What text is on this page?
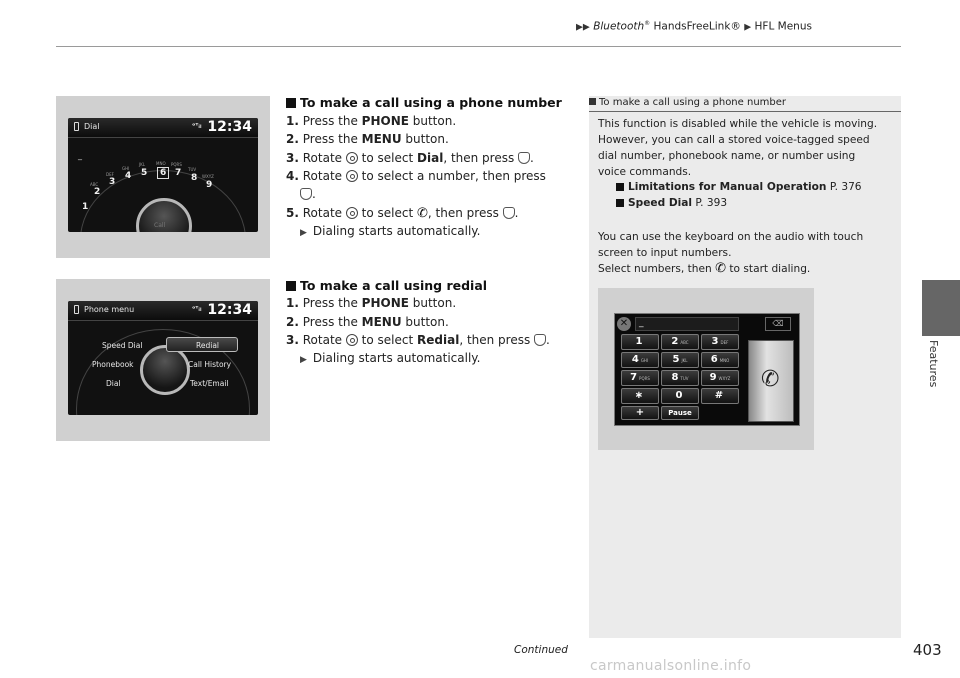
▶▶ Bluetooth® HandsFreeLink® ▶ HFL Menus
Features
Dial	ᵒᵀᵢₗ 12:34
_
1
2
3
4 5	6 7 8
9
ABC
DEF
GHI
JKL	MNO PQRS
TUV
WXYZ
Call
Phone menu	ᵒᵀᵢₗ 12:34
Speed Dial	Redial
Phonebook	Call History
Dial	Text/Email
To make a call using a phone number
1. Press the PHONE button.
2. Press the MENU button.
3. Rotate  to select Dial, then press .
4. Rotate  to select a number, then press
.
5. Rotate  to select ✆, then press .
▶ Dialing starts automatically.
To make a call using redial
1. Press the PHONE button.
2. Press the MENU button.
3. Rotate  to select Redial, then press .
▶ Dialing starts automatically.
To make a call using a phone number
This function is disabled while the vehicle is moving.
However, you can call a stored voice-tagged speed
dial number, phonebook name, or number using
voice commands.
Limitations for Manual Operation P. 376
Speed Dial P. 393
You can use the keyboard on the audio with touch
screen to input numbers.
Select numbers, then ✆ to start dialing.
✕	_	⌫
1	2 ABC	3 DEF
4 GHI	5 JKL	6 MNO
7 PQRS	8 TUV	9 WXYZ
∗	0	#
+	Pause
✆
Continued	403
carmanualsonline.info
